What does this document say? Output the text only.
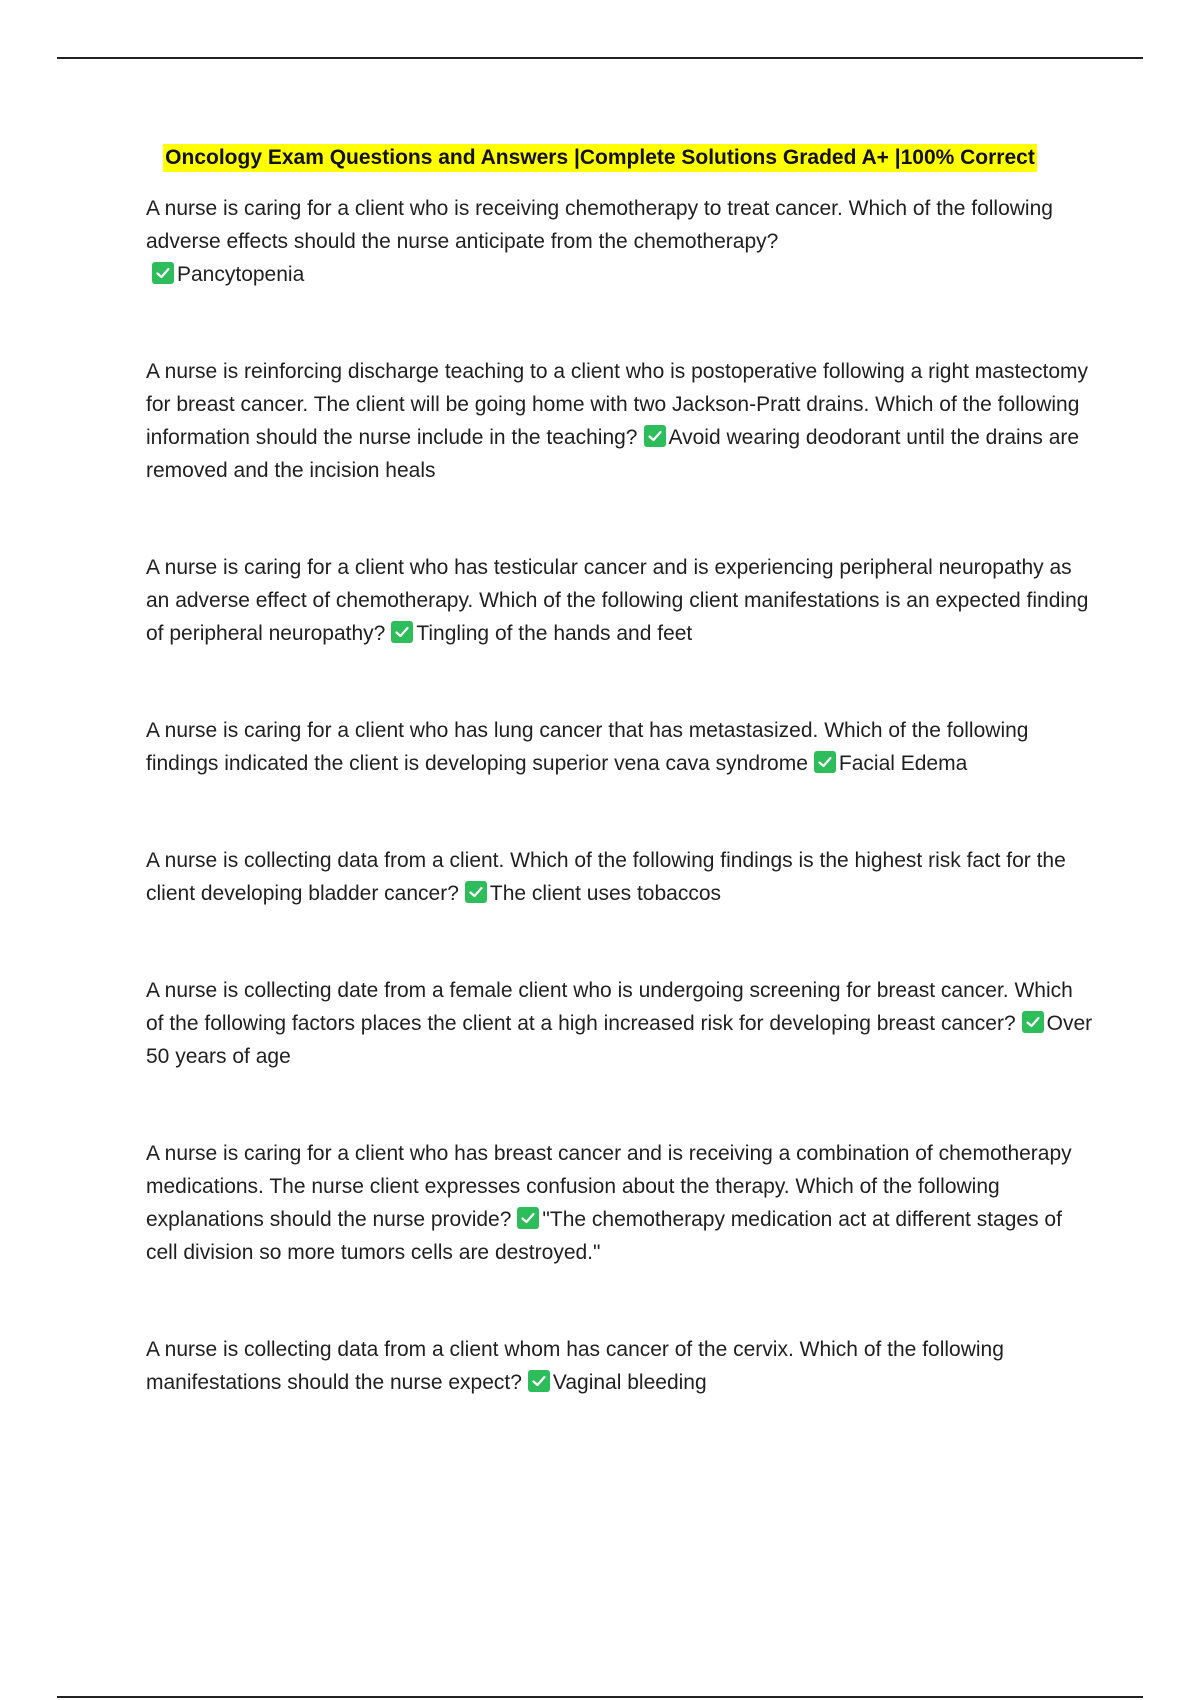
Oncology Exam Questions and Answers |Complete Solutions Graded A+ |100% Correct

A nurse is caring for a client who is receiving chemotherapy to treat cancer. Which of the following adverse effects should the nurse anticipate from the chemotherapy?

Pancytopenia

A nurse is reinforcing discharge teaching to a client who is postoperative following a right mastectomy for breast cancer. The client will be going home with two Jackson-Pratt drains. Which of the following information should the nurse include in the teaching? Avoid wearing deodorant until the drains are removed and the incision heals

A nurse is caring for a client who has testicular cancer and is experiencing peripheral neuropathy as an adverse effect of chemotherapy. Which of the following client manifestations is an expected finding of peripheral neuropathy? Tingling of the hands and feet

A nurse is caring for a client who has lung cancer that has metastasized. Which of the following findings indicated the client is developing superior vena cava syndrome Facial Edema

A nurse is collecting data from a client. Which of the following findings is the highest risk fact for the client developing bladder cancer? The client uses tobaccos

A nurse is collecting date from a female client who is undergoing screening for breast cancer. Which of the following factors places the client at a high increased risk for developing breast cancer? Over 50 years of age

A nurse is caring for a client who has breast cancer and is receiving a combination of chemotherapy medications. The nurse client expresses confusion about the therapy. Which of the following explanations should the nurse provide? "The chemotherapy medication act at different stages of cell division so more tumors cells are destroyed."

A nurse is collecting data from a client whom has cancer of the cervix. Which of the following manifestations should the nurse expect? Vaginal bleeding
